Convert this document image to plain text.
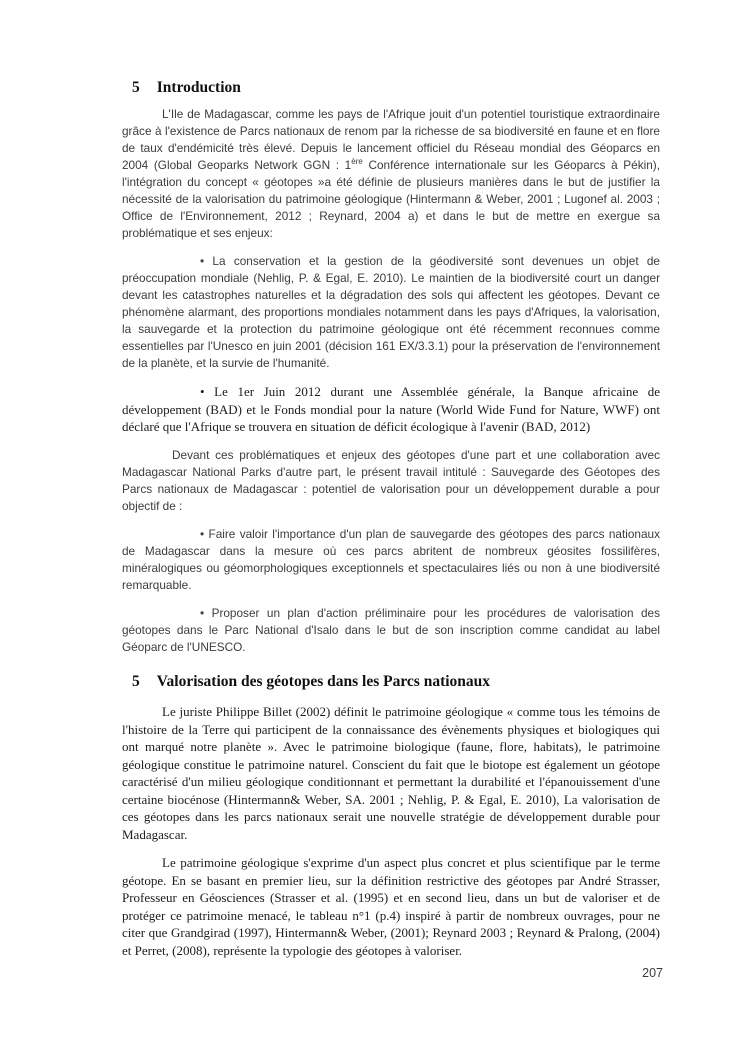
5 Introduction

L'Ile de Madagascar, comme les pays de l'Afrique jouit d'un potentiel touristique extraordinaire grâce à l'existence de Parcs nationaux de renom par la richesse de sa biodiversité en faune et en flore de taux d'endémicité très élevé. Depuis le lancement officiel du Réseau mondial des Géoparcs en 2004 (Global Geoparks Network GGN : 1ère Conférence internationale sur les Géoparcs à Pékin), l'intégration du concept « géotopes »a été définie de plusieurs manières dans le but de justifier la nécessité de la valorisation du patrimoine géologique (Hintermann & Weber, 2001 ; Lugonef al. 2003 ; Office de l'Environnement, 2012 ; Reynard, 2004 a) et dans le but de mettre en exergue sa problématique et ses enjeux:

• La conservation et la gestion de la géodiversité sont devenues un objet de préoccupation mondiale (Nehlig, P. & Egal, E. 2010). Le maintien de la biodiversité court un danger devant les catastrophes naturelles et la dégradation des sols qui affectent les géotopes. Devant ce phénomène alarmant, des proportions mondiales notamment dans les pays d'Afriques, la valorisation, la sauvegarde et la protection du patrimoine géologique ont été récemment reconnues comme essentielles par l'Unesco en juin 2001 (décision 161 EX/3.3.1) pour la préservation de l'environnement de la planète, et la survie de l'humanité.

• Le 1er Juin 2012 durant une Assemblée générale, la Banque africaine de développement (BAD) et le Fonds mondial pour la nature (World Wide Fund for Nature, WWF) ont déclaré que l'Afrique se trouvera en situation de déficit écologique à l'avenir (BAD, 2012)

Devant ces problématiques et enjeux des géotopes d'une part et une collaboration avec Madagascar National Parks d'autre part, le présent travail intitulé : Sauvegarde des Géotopes des Parcs nationaux de Madagascar : potentiel de valorisation pour un développement durable a pour objectif de :

• Faire valoir l'importance d'un plan de sauvegarde des géotopes des parcs nationaux de Madagascar dans la mesure où ces parcs abritent de nombreux géosites fossilifères, minéralogiques ou géomorphologiques exceptionnels et spectaculaires liés ou non à une biodiversité remarquable.

• Proposer un plan d'action préliminaire pour les procédures de valorisation des géotopes dans le Parc National d'Isalo dans le but de son inscription comme candidat au label Géoparc de l'UNESCO.

5 Valorisation des géotopes dans les Parcs nationaux

Le juriste Philippe Billet (2002) définit le patrimoine géologique « comme tous les témoins de l'histoire de la Terre qui participent de la connaissance des évènements physiques et biologiques qui ont marqué notre planète ». Avec le patrimoine biologique (faune, flore, habitats), le patrimoine géologique constitue le patrimoine naturel. Conscient du fait que le biotope est également un géotope caractérisé d'un milieu géologique conditionnant et permettant la durabilité et l'épanouissement d'une certaine biocénose (Hintermann& Weber, SA. 2001 ; Nehlig, P. & Egal, E. 2010), La valorisation de ces géotopes dans les parcs nationaux serait une nouvelle stratégie de développement durable pour Madagascar.

Le patrimoine géologique s'exprime d'un aspect plus concret et plus scientifique par le terme géotope. En se basant en premier lieu, sur la définition restrictive des géotopes par André Strasser, Professeur en Géosciences (Strasser et al. (1995) et en second lieu, dans un but de valoriser et de protéger ce patrimoine menacé, le tableau n°1 (p.4) inspiré à partir de nombreux ouvrages, pour ne citer que Grandgirad (1997), Hintermann& Weber, (2001); Reynard 2003 ; Reynard & Pralong, (2004) et Perret, (2008), représente la typologie des géotopes à valoriser.

207
